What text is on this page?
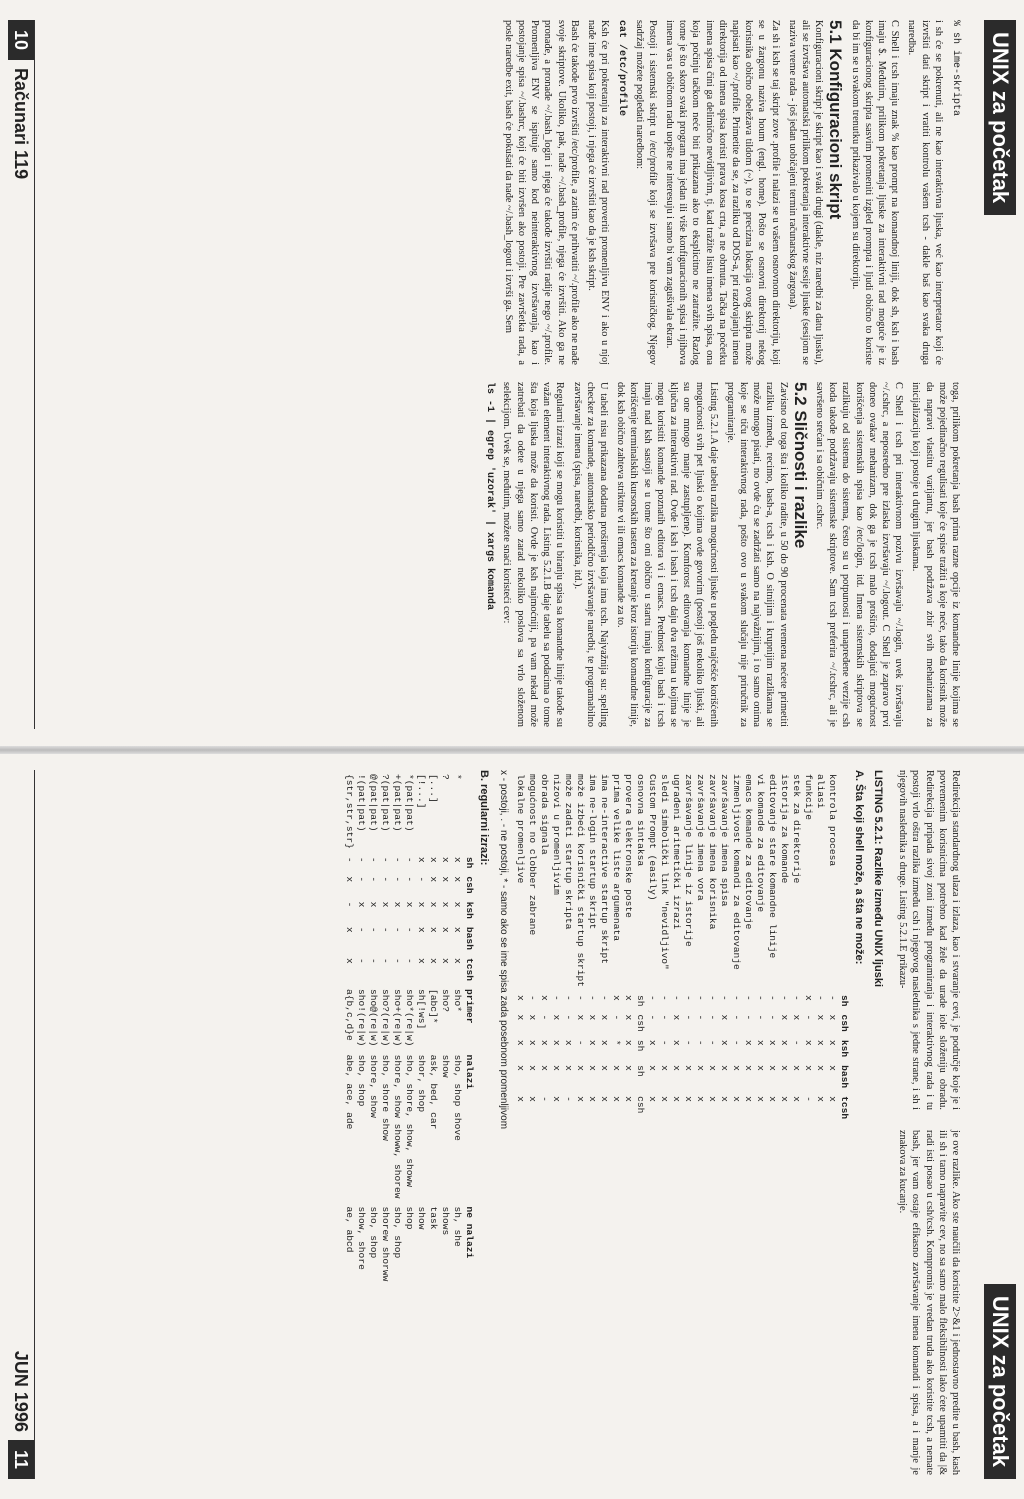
UNIX za početak

% sh ime-skripta

i sh će se pokrenuti, ali ne kao interaktivna ljuska, već kao interpretator koji će izvršiti dati skript i vratiti kontrolu vašem tcsh - dakle baš kao svaka druga naredba.

C Shell i tcsh imaju znak % kao prompt na komandnoj liniji, dok sh, ksh i bash imaju $. Međutim, prilikom pokretanja ljuske za interaktivni rad moguće je iz konfiguracionog skripta sasvim promeniti izgled prompta i ljudi obično to koriste da bi im se u svakom trenutku prikazivalo u kojem su direktoriju.

5.1 Konfiguracioni skript

Konfiguracioni skript je skript kao i svaki drugi (dakle, niz naredbi za datu ljusku), ali se izvršava automatski prilikom pokretanja interaktivne sesije ljuske (sesijom se naziva vreme rada - još jedan uobičajeni termin računarskog žargona).

Za sh i ksh se taj skript zove .profile i nalazi se u vašem osnovnom direktoriju, koji se u žargonu naziva houm (engl. home). Pošto se osnovni direktorij nekog korisnika obično obeležava tildom (~), to se precizna lokacija ovog skripta može napisati kao ~/.profile. Primetite da se, za razliku od DOS-a, pri razdvajanju imena direktorija od imena spisa koristi prava kosa crta, a ne obrnuta. Tačka na početku imena spisa čini ga delimično nevidljivim, tj. kad tražite listu imena svih spisa, ona koja počinju tačkom neće biti prikazana ako to eksplicitno ne zatražite. Razlog tome je što skoro svaki program ima jedan ili više konfiguracionih spisa i njihova imena vas u običnom radu uopšte ne interesuju i samo bi vam zagušivala ekran.

Postoji i sistemski skript u /etc/profile koji se izvršava pre korisničkog. Njegov sadržaj možete pogledati naredbom:

cat /etc/profile

Ksh će pri pokretanju za interaktivni rad proveriti promenljivu ENV i ako u njoj nađe ime spisa koji postoji, i njega će izvršiti kao da je ksh skript.

Bash će takođe prvo izvršiti /etc/profile, a zatim će prihvatiti ~/.profile ako ne nađe svoje skriptove. Ukoliko, pak, nađe ~/.bash_profile, njega će izvršiti. Ako ga ne pronađe, a pronađe ~/.bash_login i njega će takođe izvršiti radije nego ~/.profile. Promenljiva ENV se ispituje samo kod neinteraktivnog izvršavanja, kao i postojanje spisa ~/.bashrc, koji će biti izvršen ako postoji. Pre završetka rada, a posle naredbe exit, bash će pokušati da nađe ~/.bash_logout i izvrši ga. Sem

toga, prilikom pokretanja bash prima razne opcije iz komandne linije kojima se može pojedinačno regulisati koje će spise tražiti a koje neće, tako da korisnik može da napravi vlastitu varijantu, jer bash podržava zbir svih mehanizama za inicijalizaciju koji postoje u drugim ljuskama.

C Shell i tcsh pri interaktivnom pozivu izvršavaju ~/.login, uvek izvršavaju ~/.cshrc, a neposredno pre izlaska izvršavaju ~/.logout. C Shell je zapravo prvi doneo ovakav mehanizam, dok ga je tcsh malo proširio, dodajući mogućnost korišćenja sistemskih spisa kao /etc/login, itd. Imena sistemskih skriptova se razlikuju od sistema do sistema, često su u potpunosti i unapređene verzije csh koda takođe podržavaju sistemske skriptove. Sam tcsh preferira ~/.tcshrc, ali je savršeno srećan i sa običnim .cshrc.

5.2 Sličnosti i razlike

Zavisno od toga šta i koliko radite, u 50 do 90 procenata vremena nećete primetiti razliku između, recimo, bash-a, tcsh i ksh. O sitnijim i krupnijim razlikama se može mnogo pisati, no ovde ću se zadržati samo na najvažnijim, i to samo onima koje se tiču interaktivnog rada, pošto ovo u svakom slučaju nije priručnik za programiranje.

Listing 5.2.1.A daje tabelu razlika mogućnosti ljuske u pogledu najčešće korišćenih mogućnosti svih pet ljuski o kojima ovde govorim (postoji još nekoliko ljuski, ali su one mnogo manje zastupljene). Komforost editovanja komandne linije je ključna za interaktivni rad. Ovde i ksh i bash i tcsh daju dva režima u kojima se mogu koristiti komande poznatih editora vi i emacs. Prednost koju bash i tcsh imaju nad ksh sastoji se u tome što oni obično u startu imaju konfiguracije za korišćenje terminalskih kursorskih tastera za kretanje kroz istoriju komandne linije, dok ksh obično zahteva striktne vi ili emacs komande za to.

U tabeli nisu prikazana dodatna proširenja koja ima tcsh. Najvažnija su: spelling checker za komande, automatsko periodično izvršavanje naredbi, te programabilno završavanje imena (spisa, naredbi, korisnika, itd.).

Regularni izrazi koji se mogu koristiti u biranju spisa sa komandne linije takođe su važan element interaktivnog rada. Listing 5.2.1.B daje tabelu sa podacima o tome šta koja ljuska može da koristi. Ovde je ksh najmoćniji, pa vam nekad može zatrebati da odete u njega samo zarad nekoliko poslova sa vrlo složenom selekcijom. Uvek se, međutim, možete snaći koristeći cev:

ls -1 | egrep 'uzorak' | xargs komanda

10Računari 119
UNIX za početak

Redirekcija standardnog ulaza i izlaza, kao i stvaranje cevi, je područje koje je i povremenim korisnicima potrebno kad žele da urade iole složeniju obradu. Redirekcija pripada sivoj zoni između programiranja i interaktivnog rada i tu postoji vrlo oštra razlika između csh i njegovog naslednika s jedne strane, i sh i njegovih naslednika s druge. Listing 5.2.1.E prikazu-

je ove razlike. Ako ste naučili da koristite 2>&1 i jednostavno preditе u bash, kash ili sh i tamo napravite cev, no sa samo malo fleksibilnosti lako ćete upamtiti da |& radi isti posao u csh/tcsh. Kompromis je vredan truda ako koristite tcsh, a nemate bash, jer vam ostaje efikasno završavanje imena komandi i spisa, a i manje je znakova za kucanje.

LISTING 5.2.1: Razlike između UNIX ljuski
A. Šta koji shell može, a šta ne može:
	sh	csh	ksh	bash	tcsh
kontrola procesa	-	x	x	x	x
aliasi	-	x	x	x	x
funkcije	x	-	x	x	-
stek za direktorije	-	x	-	x	x
istorija za komande	-	x	x	x	x
editovanje stare komandne linije	-	-	x	x	x
vi komande za editovanje	-	-	x	x	x
emacs komande za editovanje	-	-	x	x	x
izmenljivost komandi za editovanje	-	-	-	x	x
završavanje imena spisa	-	x	x	x	x
završavanje imena korisnika	-	-	-	x	x
završavanje imena vora	-	-	-	x	x
završavanje linije iz istorije	-	-	-	x	x
ugrađeni aritmetički izrazi	-	x	x	x	x
sledi simbolički link "nevidljivo"	-	-	-	x	x
Custom Prompt (easily)	-	-	x	x	x
osnovna sintaksa	sh	csh	sh	sh	csh
provera elektronske poste	x	x	x	x	x
prima velike liste argumenata	x	-	*	x	x
ima ne-interactive startup skript	-	x	x	x	x
ima ne-login startup skript	-	x	x	x	x
može izbeći korisnički startup skript	-	x	-	x	x
može zadati startup skripta	-	-	x	x	-
nizovi u promenljivim	-	x	x	x	x
obrada signala	x	-	x	x	-
mogućnost no clobber zabrane	-	x	x	x	x
lokalne promenljive	x	x	x	x	x
x - postoji, . - ne postoji, * - samo ako se ime spisa zada posebnom promenljivom
B. regularni izrazi:
	sh	csh	ksh	bash	tcsh	primer	nalazi	ne nalazi
*	x	x	x	x	x	sho*	sho, shop shove	sh, she
?	x	x	x	x	x	sho?	show	shows
[...]	x	x	x	x	x	[abc]*	ask, bed, car	task
[!...]	x	-	x	x	x	sh[!ws]	shor, shop	show
*(pat|pat)	-	-	x	-	-	sho*(re|w)	sho, shore, show, showw	shop
+(pat|pat)	-	-	x	-	-	sho+(re|w)	shore, show showw, shorew	sho, shop
?(pat|pat)	-	-	x	-	-	sho?(re|w)	sho, shore show	shorew shorww
@(pat|pat)	-	-	x	-	-	sho@(re|w)	shore, show	sho, shop
!(pat|pat)	-	-	x	-	-	sho!(re|w)	sho, shop	show, shore
{str,str,str}	-	x	-	x	x	a{b,c,d}e	abe, ace, ade	ae, abcd
JUN 199611
